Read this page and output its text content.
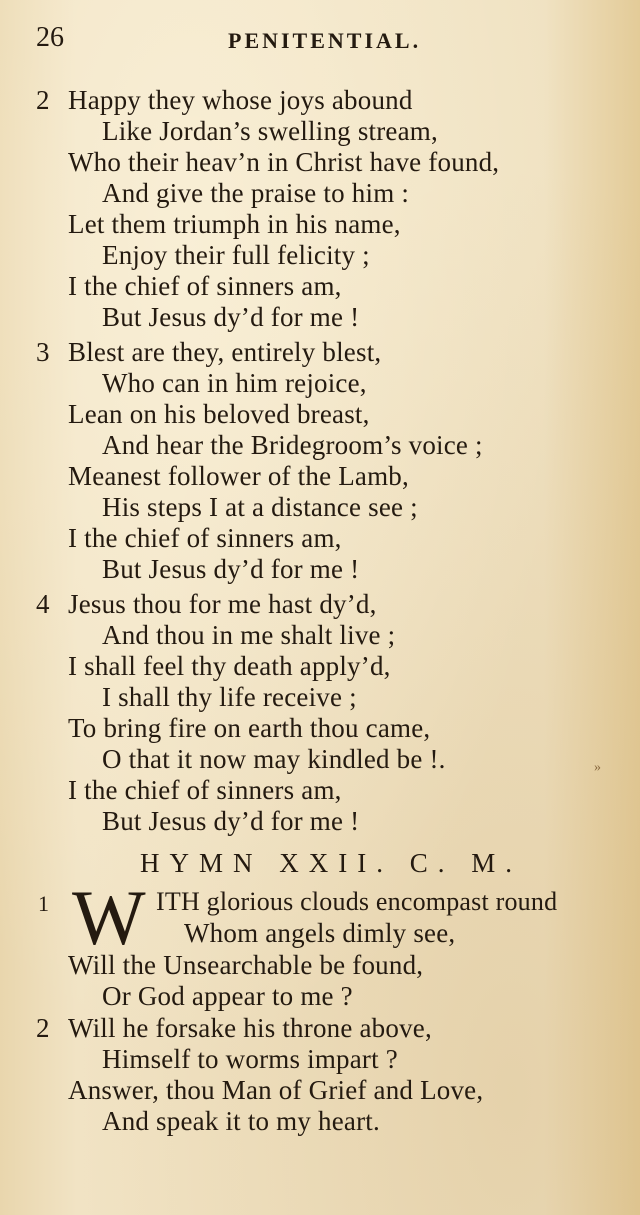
26	PENITENTIAL.
2 Happy they whose joys abound
Like Jordan’s swelling stream,
Who their heav’n in Christ have found,
And give the praise to him :
Let them triumph in his name,
Enjoy their full felicity ;
I the chief of sinners am,
But Jesus dy’d for me !
3 Blest are they, entirely blest,
Who can in him rejoice,
Lean on his beloved breast,
And hear the Bridegroom’s voice ;
Meanest follower of the Lamb,
His steps I at a distance see ;
I the chief of sinners am,
But Jesus dy’d for me !
4 Jesus thou for me hast dy’d,
And thou in me shalt live ;
I shall feel thy death apply’d,
I shall thy life receive ;
To bring fire on earth thou came,
O that it now may kindled be !.
I the chief of sinners am,
But Jesus dy’d for me !
»
HYMN XXII. C. M.
1 W ITH glorious clouds encompast round
Whom angels dimly see,
Will the Unsearchable be found,
Or God appear to me ?
2 Will he forsake his throne above,
Himself to worms impart ?
Answer, thou Man of Grief and Love,
And speak it to my heart.
